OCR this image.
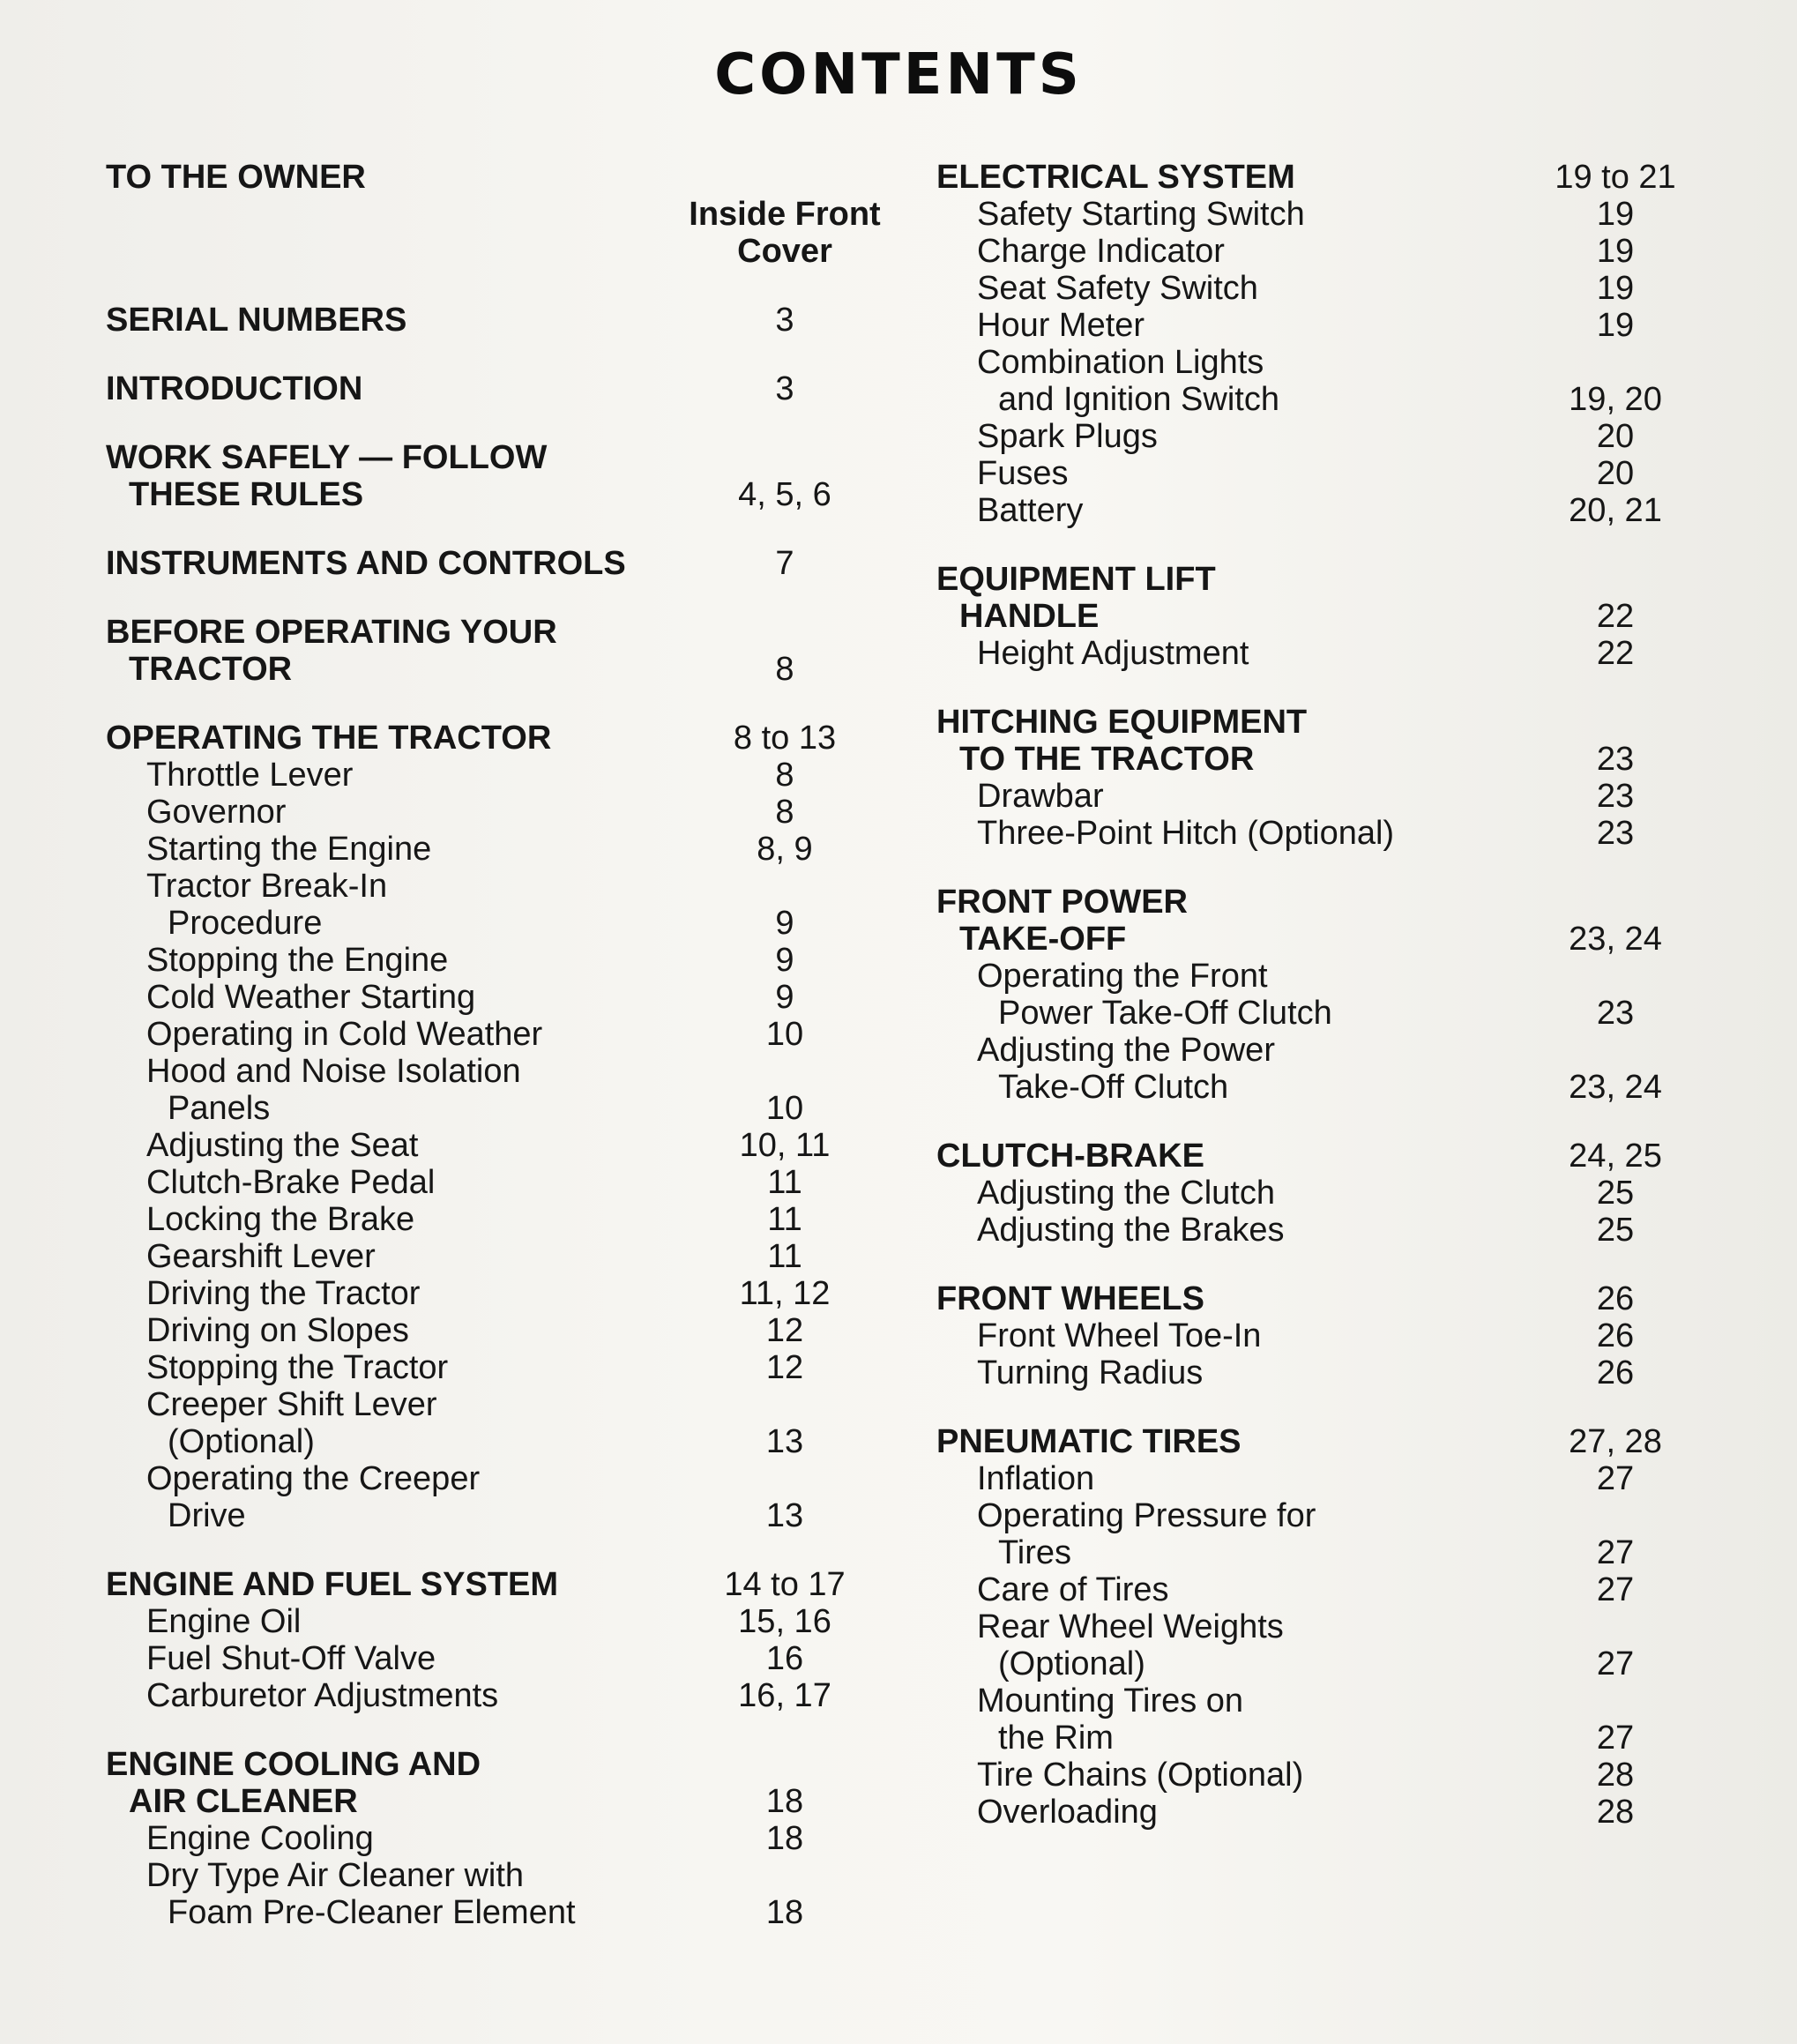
CONTENTS
TO THE OWNER
Inside Front Cover
SERIAL NUMBERS	3
INTRODUCTION	3
WORK SAFELY — FOLLOW
THESE RULES	4, 5, 6
INSTRUMENTS AND CONTROLS	7
BEFORE OPERATING YOUR
TRACTOR	8
OPERATING THE TRACTOR	8 to 13
Throttle Lever	8
Governor	8
Starting the Engine	8, 9
Tractor Break-In
Procedure	9
Stopping the Engine	9
Cold Weather Starting	9
Operating in Cold Weather	10
Hood and Noise Isolation
Panels	10
Adjusting the Seat	10, 11
Clutch-Brake Pedal	11
Locking the Brake	11
Gearshift Lever	11
Driving the Tractor	11, 12
Driving on Slopes	12
Stopping the Tractor	12
Creeper Shift Lever
(Optional)	13
Operating the Creeper
Drive	13
ENGINE AND FUEL SYSTEM	14 to 17
Engine Oil	15, 16
Fuel Shut-Off Valve	16
Carburetor Adjustments	16, 17
ENGINE COOLING AND
AIR CLEANER	18
Engine Cooling	18
Dry Type Air Cleaner with
Foam Pre-Cleaner Element	18
ELECTRICAL SYSTEM	19 to 21
Safety Starting Switch	19
Charge Indicator	19
Seat Safety Switch	19
Hour Meter	19
Combination Lights
and Ignition Switch	19, 20
Spark Plugs	20
Fuses	20
Battery	20, 21
EQUIPMENT LIFT
HANDLE	22
Height Adjustment	22
HITCHING EQUIPMENT
TO THE TRACTOR	23
Drawbar	23
Three-Point Hitch (Optional)	23
FRONT POWER
TAKE-OFF	23, 24
Operating the Front
Power Take-Off Clutch	23
Adjusting the Power
Take-Off Clutch	23, 24
CLUTCH-BRAKE	24, 25
Adjusting the Clutch	25
Adjusting the Brakes	25
FRONT WHEELS	26
Front Wheel Toe-In	26
Turning Radius	26
PNEUMATIC TIRES	27, 28
Inflation	27
Operating Pressure for
Tires	27
Care of Tires	27
Rear Wheel Weights
(Optional)	27
Mounting Tires on
the Rim	27
Tire Chains (Optional)	28
Overloading	28
